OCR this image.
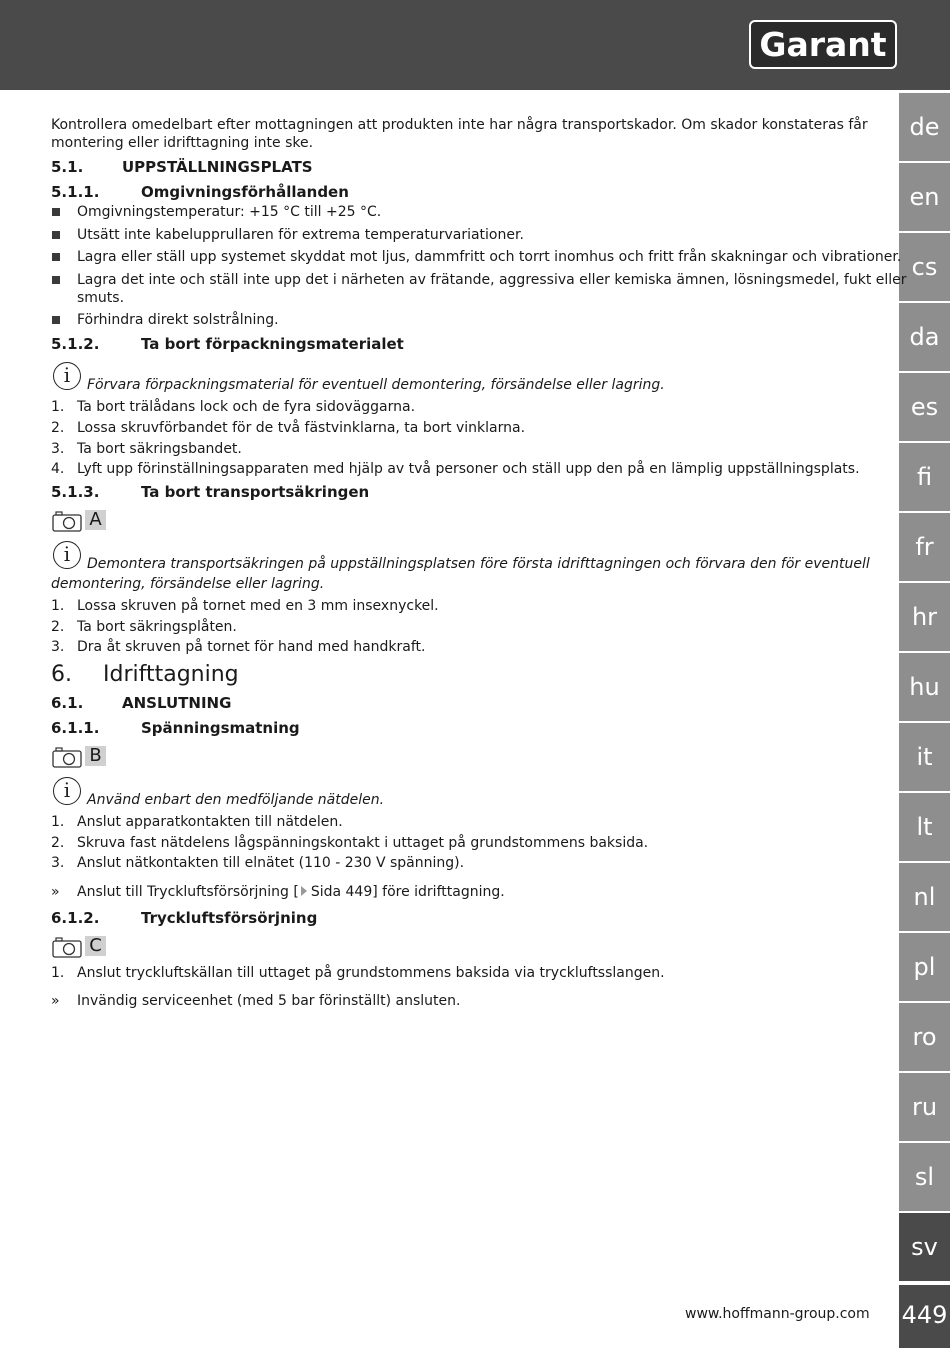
Garant
de
en
cs
da
es
fi
fr
hr
hu
it
lt
nl
pl
ro
ru
sl
sv
449
Kontrollera omedelbart efter mottagningen att produkten inte har några transportskador. Om skador konstateras får
montering eller idrifttagning inte ske.
5.1.	UPPSTÄLLNINGSPLATS
5.1.1.	Omgivningsförhållanden
Omgivningstemperatur: +15 °C till +25 °C.
Utsätt inte kabelupprullaren för extrema temperaturvariationer.
Lagra eller ställ upp systemet skyddat mot ljus, dammfritt och torrt inomhus och fritt från skakningar och vibrationer.
Lagra det inte och ställ inte upp det i närheten av frätande, aggressiva eller kemiska ämnen, lösningsmedel, fukt eller
smuts.
Förhindra direkt solstrålning.
5.1.2.	Ta bort förpackningsmaterialet
i	Förvara förpackningsmaterial för eventuell demontering, försändelse eller lagring.
1. Ta bort trälådans lock och de fyra sidoväggarna.
2. Lossa skruvförbandet för de två fästvinklarna, ta bort vinklarna.
3. Ta bort säkringsbandet.
4. Lyft upp förinställningsapparaten med hjälp av två personer och ställ upp den på en lämplig uppställningsplats.
5.1.3.	Ta bort transportsäkringen
A
i	Demontera transportsäkringen på uppställningsplatsen före första idrifttagningen och förvara den för eventuell
demontering, försändelse eller lagring.
1. Lossa skruven på tornet med en 3 mm insexnyckel.
2. Ta bort säkringsplåten.
3. Dra åt skruven på tornet för hand med handkraft.
6. Idrifttagning
6.1.	ANSLUTNING
6.1.1.	Spänningsmatning
B
i	Använd enbart den medföljande nätdelen.
1. Anslut apparatkontakten till nätdelen.
2. Skruva fast nätdelens lågspänningskontakt i uttaget på grundstommens baksida.
3. Anslut nätkontakten till elnätet (110 - 230 V spänning).
»	Anslut till Tryckluftsförsörjning [ Sida 449] före idrifttagning.
6.1.2.	Tryckluftsförsörjning
C
1. Anslut tryckluftskällan till uttaget på grundstommens baksida via tryckluftsslangen.
»	Invändig serviceenhet (med 5 bar förinställt) ansluten.
www.hoffmann-group.com
